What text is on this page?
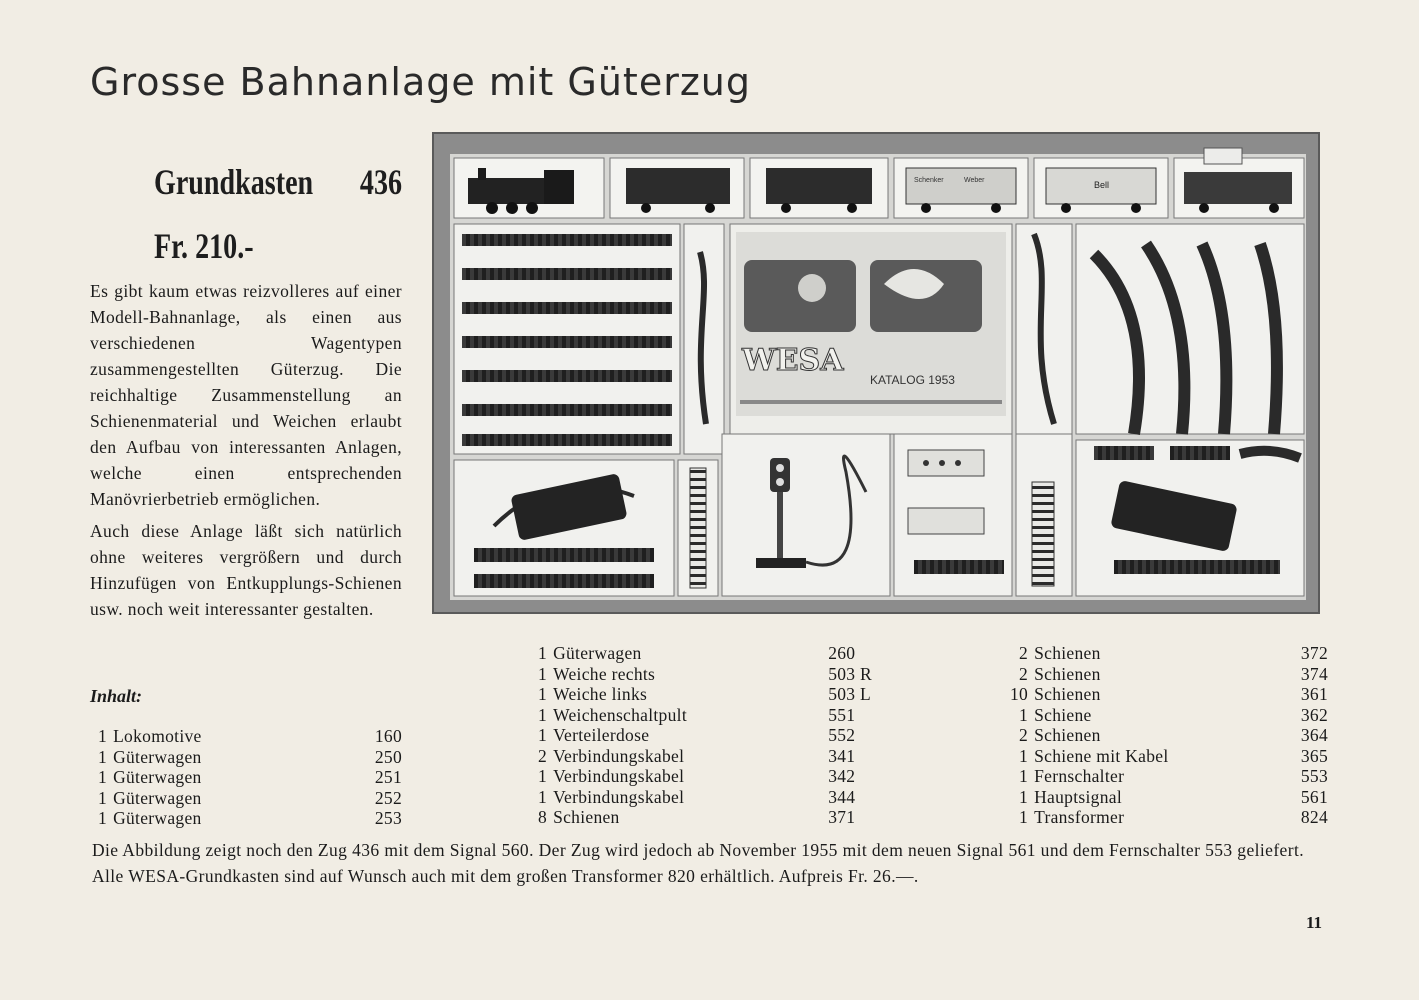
Grosse Bahnanlage mit Güterzug
Grundkasten 436
Fr. 210.-

Es gibt kaum etwas reizvolleres auf einer Modell-Bahnanlage, als einen aus verschiedenen Wagentypen zusammengestellten Güterzug. Die reichhaltige Zusammenstellung an Schienenmaterial und Weichen erlaubt den Aufbau von interessanten Anlagen, welche einen entsprechenden Manövrierbetrieb ermöglichen.

Auch diese Anlage läßt sich natürlich ohne weiteres vergrößern und durch Hinzufügen von Entkupplungs-Schienen usw. noch weit interessanter gestalten.

Inhalt:
1	Lokomotive	160
1	Güterwagen	250
1	Güterwagen	251
1	Güterwagen	252
1	Güterwagen	253
1	Güterwagen	260
1	Weiche rechts	503 R
1	Weiche links	503 L
1	Weichenschaltpult	551
1	Verteilerdose	552
2	Verbindungskabel	341
1	Verbindungskabel	342
1	Verbindungskabel	344
8	Schienen	371
2	Schienen	372
2	Schienen	374
10	Schienen	361
1	Schiene	362
2	Schienen	364
1	Schiene mit Kabel	365
1	Fernschalter	553
1	Hauptsignal	561
1	Transformer	824

Die Abbildung zeigt noch den Zug 436 mit dem Signal 560. Der Zug wird jedoch ab November 1955 mit dem neuen Signal 561 und dem Fernschalter 553 geliefert.

Alle WESA-Grundkasten sind auf Wunsch auch mit dem großen Transformer 820 erhältlich. Aufpreis Fr. 26.—.

11
Schenker	Weber	Bell
WESA
KATALOG 1953
